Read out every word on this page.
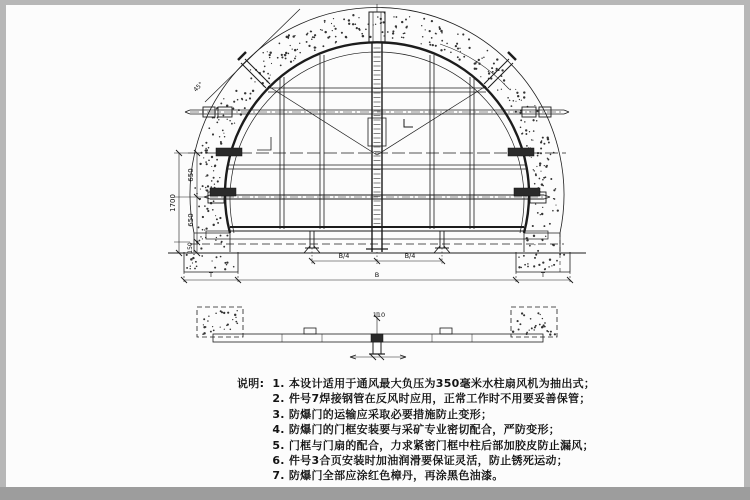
45°
650
650
150
1700
B/4	B/4
T	B	T
110
说明: 1. 本设计适用于通风最大负压为350毫米水柱扇风机为抽出式；
2. 件号7焊接钢管在反风时应用，正常工作时不用要妥善保管；
3. 防爆门的运输应采取必要措施防止变形；
4. 防爆门的门框安装要与采矿专业密切配合，严防变形；
5. 门框与门扇的配合，力求紧密门框中柱后部加胶皮防止漏风；
6. 件号3合页安装时加油润滑要保证灵活，防止锈死运动；
7. 防爆门全部应涂红色樟丹，再涂黑色油漆。
